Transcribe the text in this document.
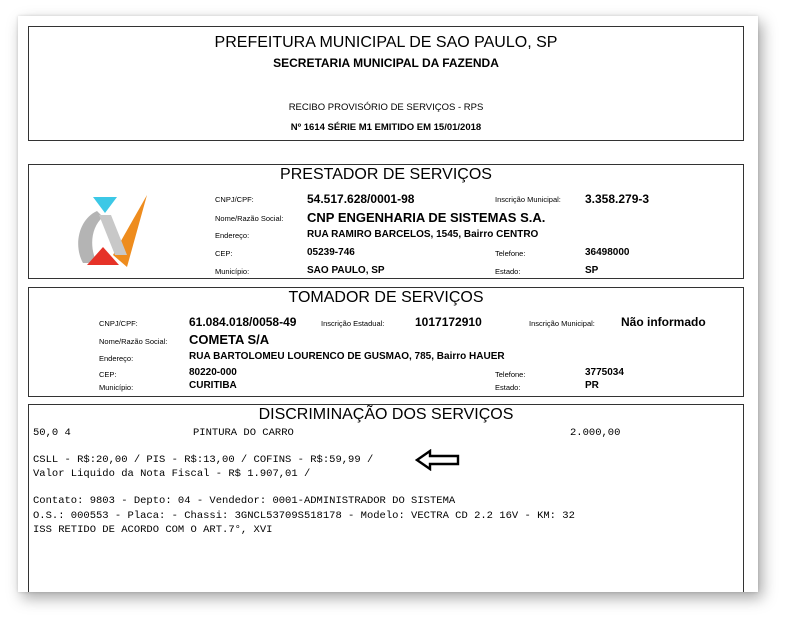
PREFEITURA MUNICIPAL DE SAO PAULO, SP
SECRETARIA MUNICIPAL DA FAZENDA
RECIBO PROVISÓRIO DE SERVIÇOS - RPS
Nº 1614 SÉRIE M1 EMITIDO EM 15/01/2018
PRESTADOR DE SERVIÇOS
CNPJ/CPF:	54.517.628/0001-98	Inscrição Municipal: 3.358.279-3
Nome/Razão Social: CNP ENGENHARIA DE SISTEMAS S.A.
Endereço:	RUA RAMIRO BARCELOS, 1545, Bairro CENTRO
CEP:	05239-746	Telefone:	36498000
Município:	SAO PAULO, SP	Estado:	SP
TOMADOR DE SERVIÇOS
CNPJ/CPF:	61.084.018/0058-49	Inscrição Estadual:	1017172910	Inscrição Municipal: Não informado
Nome/Razão Social: COMETA S/A
Endereço:	RUA BARTOLOMEU LOURENCO DE GUSMAO, 785, Bairro HAUER
CEP:	80220-000	Telefone:	3775034
Município:	CURITIBA	Estado:	PR
DISCRIMINAÇÃO DOS SERVIÇOS
50,0 4	PINTURA DO CARRO	2.000,00
CSLL - R$:20,00 / PIS - R$:13,00 / COFINS - R$:59,99 /
Valor Liquido da Nota Fiscal - R$ 1.907,01 /
Contato: 9803 - Depto: 04 - Vendedor: 0001-ADMINISTRADOR DO SISTEMA
O.S.: 000553 - Placa: - Chassi: 3GNCL53709S518178 - Modelo: VECTRA CD 2.2 16V - KM: 32
ISS RETIDO DE ACORDO COM O ART.7°, XVI
